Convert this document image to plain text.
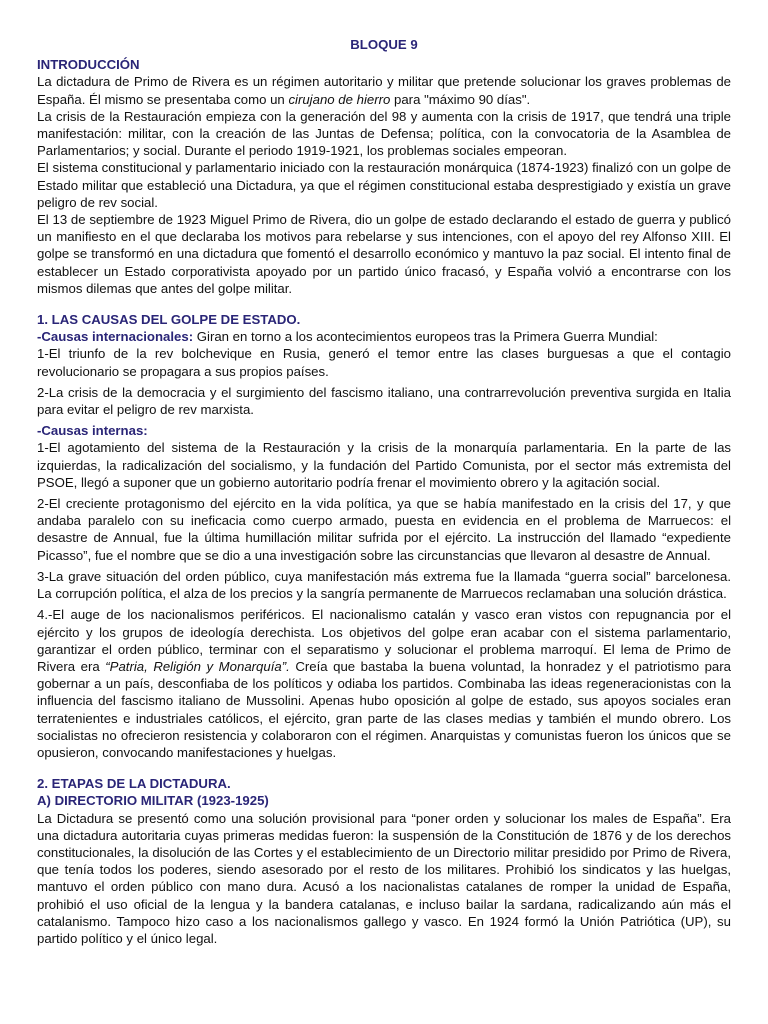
BLOQUE 9
INTRODUCCIÓN

La dictadura de Primo de Rivera es un régimen autoritario y militar que pretende solucionar los graves problemas de España. Él mismo se presentaba como un cirujano de hierro para "máximo 90 días".

La crisis de la Restauración empieza con la generación del 98 y aumenta con la crisis de 1917, que tendrá una triple manifestación: militar, con la creación de las Juntas de Defensa; política, con la convocatoria de la Asamblea de Parlamentarios; y social. Durante el periodo 1919-1921, los problemas sociales empeoran.

El sistema constitucional y parlamentario iniciado con la restauración monárquica (1874-1923) finalizó con un golpe de Estado militar que estableció una Dictadura, ya que el régimen constitucional estaba desprestigiado y existía un grave peligro de rev social.

El 13 de septiembre de 1923 Miguel Primo de Rivera, dio un golpe de estado declarando el estado de guerra y publicó un manifiesto en el que declaraba los motivos para rebelarse y sus intenciones, con el apoyo del rey Alfonso XIII. El golpe se transformó en una dictadura que fomentó el desarrollo económico y mantuvo la paz social. El intento final de establecer un Estado corporativista apoyado por un partido único fracasó, y España volvió a encontrarse con los mismos dilemas que antes del golpe militar.

1. LAS CAUSAS DEL GOLPE DE ESTADO.

-Causas internacionales: Giran en torno a los acontecimientos europeos tras la Primera Guerra Mundial:

1-El triunfo de la rev bolchevique en Rusia, generó el temor entre las clases burguesas a que el contagio revolucionario se propagara a sus propios países.

2-La crisis de la democracia y el surgimiento del fascismo italiano, una contrarrevolución preventiva surgida en Italia para evitar el peligro de rev marxista.

-Causas internas:

1-El agotamiento del sistema de la Restauración y la crisis de la monarquía parlamentaria. En la parte de las izquierdas, la radicalización del socialismo, y la fundación del Partido Comunista, por el sector más extremista del PSOE, llegó a suponer que un gobierno autoritario podría frenar el movimiento obrero y la agitación social.

2-El creciente protagonismo del ejército en la vida política, ya que se había manifestado en la crisis del 17, y que andaba paralelo con su ineficacia como cuerpo armado, puesta en evidencia en el problema de Marruecos: el desastre de Annual, fue la última humillación militar sufrida por el ejército. La instrucción del llamado “expediente Picasso”, fue el nombre que se dio a una investigación sobre las circunstancias que llevaron al desastre de Annual.

3-La grave situación del orden público, cuya manifestación más extrema fue la llamada “guerra social” barcelonesa. La corrupción política, el alza de los precios y la sangría permanente de Marruecos reclamaban una solución drástica.

4.-El auge de los nacionalismos periféricos. El nacionalismo catalán y vasco eran vistos con repugnancia por el ejército y los grupos de ideología derechista. Los objetivos del golpe eran acabar con el sistema parlamentario, garantizar el orden público, terminar con el separatismo y solucionar el problema marroquí. El lema de Primo de Rivera era “Patria, Religión y Monarquía”. Creía que bastaba la buena voluntad, la honradez y el patriotismo para gobernar a un país, desconfiaba de los políticos y odiaba los partidos. Combinaba las ideas regeneracionistas con la influencia del fascismo italiano de Mussolini. Apenas hubo oposición al golpe de estado, sus apoyos sociales eran terratenientes e industriales católicos, el ejército, gran parte de las clases medias y también el mundo obrero. Los socialistas no ofrecieron resistencia y colaboraron con el régimen. Anarquistas y comunistas fueron los únicos que se opusieron, convocando manifestaciones y huelgas.

2. ETAPAS DE LA DICTADURA.
A) DIRECTORIO MILITAR (1923-1925)

La Dictadura se presentó como una solución provisional para “poner orden y solucionar los males de España”. Era una dictadura autoritaria cuyas primeras medidas fueron: la suspensión de la Constitución de 1876 y de los derechos constitucionales, la disolución de las Cortes y el establecimiento de un Directorio militar presidido por Primo de Rivera, que tenía todos los poderes, siendo asesorado por el resto de los militares. Prohibió los sindicatos y las huelgas, mantuvo el orden público con mano dura. Acusó a los nacionalistas catalanes de romper la unidad de España, prohibió el uso oficial de la lengua y la bandera catalanas, e incluso bailar la sardana, radicalizando aún más el catalanismo. Tampoco hizo caso a los nacionalismos gallego y vasco. En 1924 formó la Unión Patriótica (UP), su partido político y el único legal.
